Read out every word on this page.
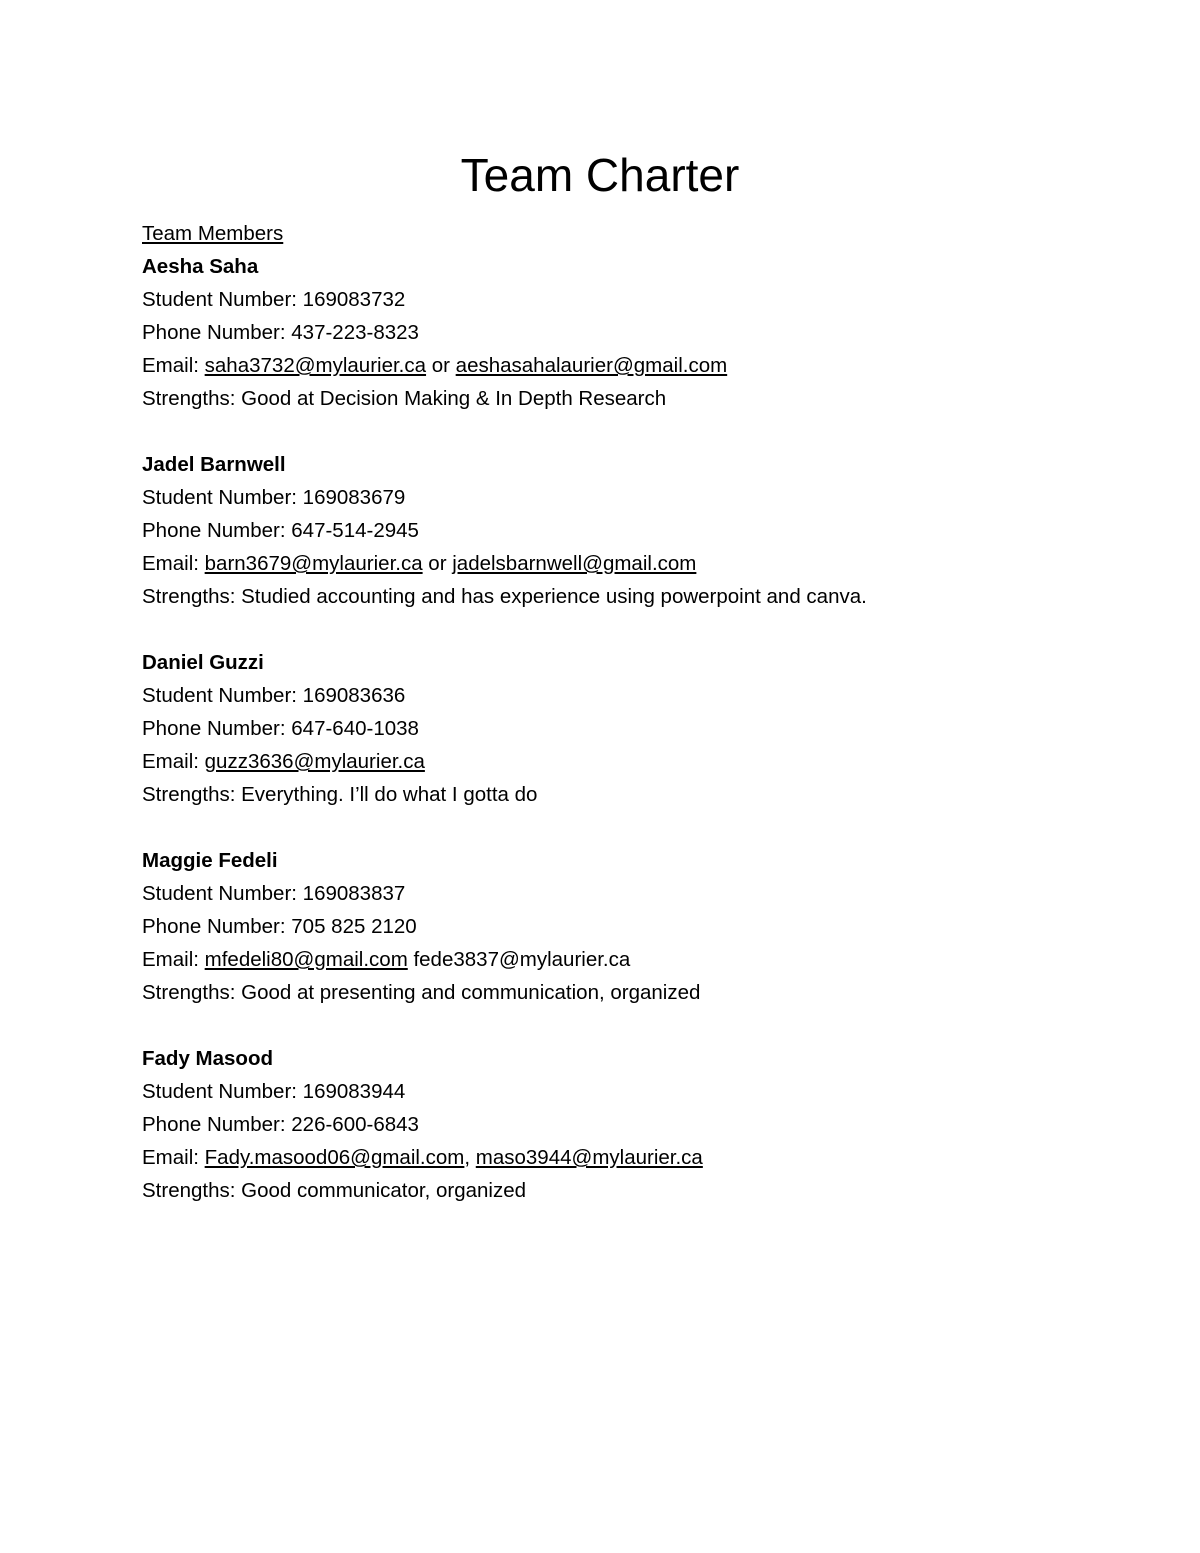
Team Charter
Team Members
Aesha Saha
Student Number: 169083732
Phone Number: 437-223-8323
Email: saha3732@mylaurier.ca or aeshasahalaurier@gmail.com
Strengths: Good at Decision Making & In Depth Research
Jadel Barnwell
Student Number: 169083679
Phone Number: 647-514-2945
Email: barn3679@mylaurier.ca or jadelsbarnwell@gmail.com
Strengths: Studied accounting and has experience using powerpoint and canva.
Daniel Guzzi
Student Number: 169083636
Phone Number: 647-640-1038
Email: guzz3636@mylaurier.ca
Strengths: Everything. I’ll do what I gotta do
Maggie Fedeli
Student Number: 169083837
Phone Number: 705 825 2120
Email: mfedeli80@gmail.com fede3837@mylaurier.ca
Strengths: Good at presenting and communication, organized
Fady Masood
Student Number: 169083944
Phone Number: 226-600-6843
Email: Fady.masood06@gmail.com, maso3944@mylaurier.ca
Strengths: Good communicator, organized
